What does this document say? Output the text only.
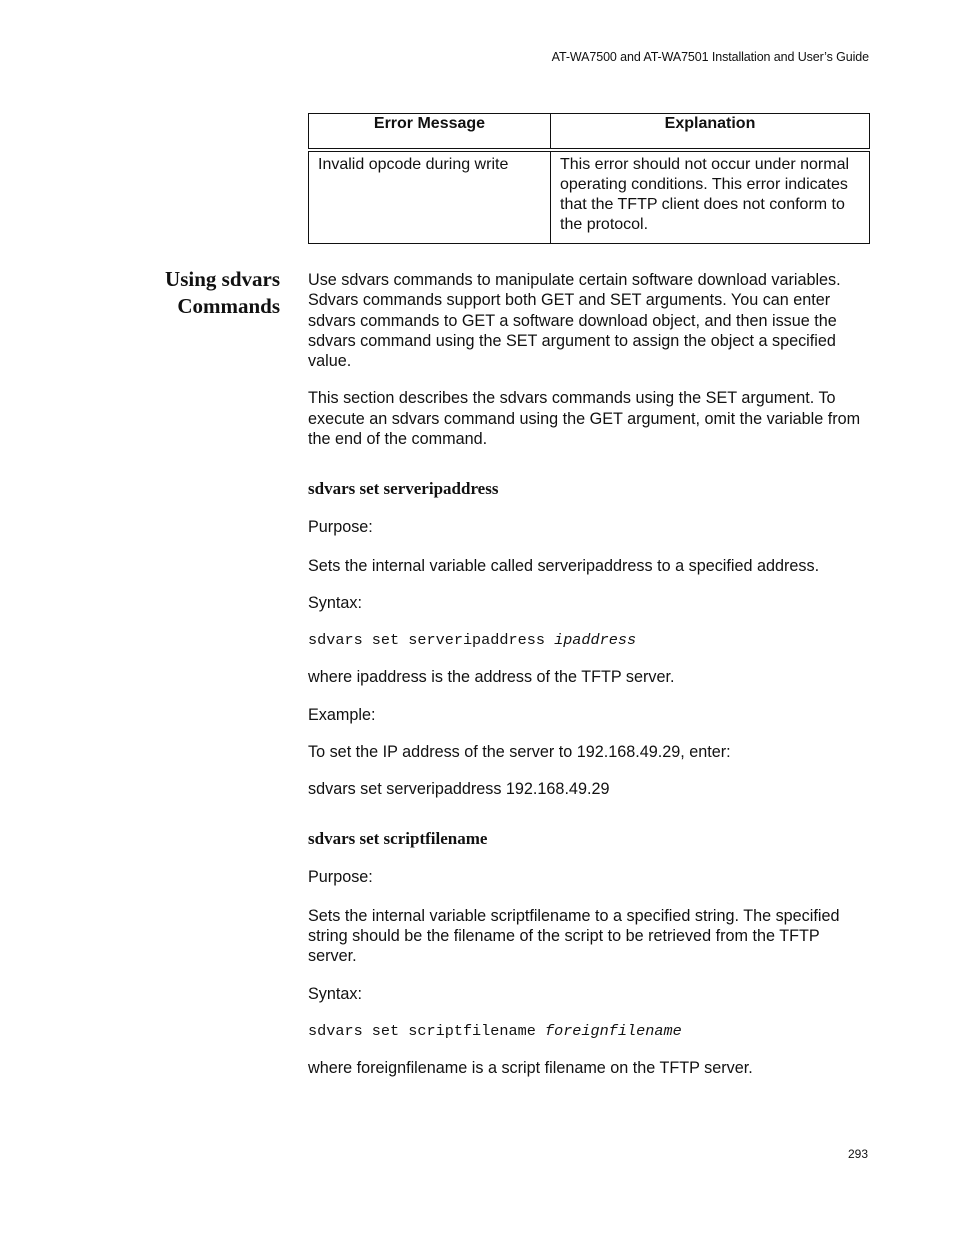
AT-WA7500 and AT-WA7501 Installation and User’s Guide
Error Message	Explanation
Invalid opcode during write	This error should not occur under normal operating conditions. This error indicates that the TFTP client does not conform to the protocol.
Using sdvars
Commands

Use sdvars commands to manipulate certain software download variables. Sdvars commands support both GET and SET arguments. You can enter sdvars commands to GET a software download object, and then issue the sdvars command using the SET argument to assign the object a specified value.

This section describes the sdvars commands using the SET argument. To execute an sdvars command using the GET argument, omit the variable from the end of the command.

sdvars set serveripaddress

Purpose:

Sets the internal variable called serveripaddress to a specified address.

Syntax:

sdvars set serveripaddress ipaddress

where ipaddress is the address of the TFTP server.

Example:

To set the IP address of the server to 192.168.49.29, enter:

sdvars set serveripaddress 192.168.49.29

sdvars set scriptfilename

Purpose:

Sets the internal variable scriptfilename to a specified string. The specified string should be the filename of the script to be retrieved from the TFTP server.

Syntax:

sdvars set scriptfilename foreignfilename

where foreignfilename is a script filename on the TFTP server.

293
